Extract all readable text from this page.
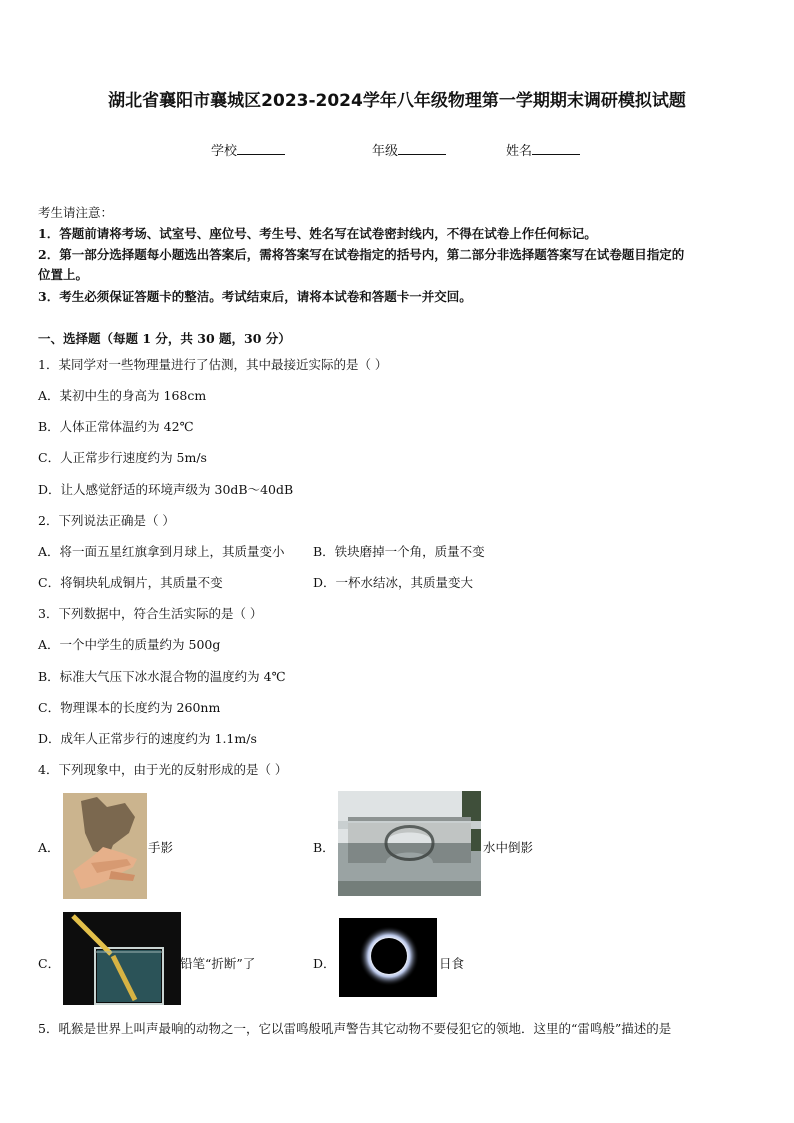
湖北省襄阳市襄城区2023-2024学年八年级物理第一学期期末调研模拟试题
学校	年级	姓名
考生请注意：
1．答题前请将考场、试室号、座位号、考生号、姓名写在试卷密封线内，不得在试卷上作任何标记。
2．第一部分选择题每小题选出答案后，需将答案写在试卷指定的括号内，第二部分非选择题答案写在试卷题目指定的
位置上。
3．考生必须保证答题卡的整洁。考试结束后，请将本试卷和答题卡一并交回。
一、选择题（每题 1 分，共 30 题，30 分）
1．某同学对一些物理量进行了估测，其中最接近实际的是（ ）
A．某初中生的身高为 168cm
B．人体正常体温约为 42℃
C．人正常步行速度约为 5m/s
D．让人感觉舒适的环境声级为 30dB～40dB
2．下列说法正确是（ ）
A．将一面五星红旗拿到月球上，其质量变小 B．铁块磨掉一个角，质量不变
C．将铜块轧成铜片，其质量不变	D．一杯水结冰，其质量变大
3．下列数据中，符合生活实际的是（ ）
A．一个中学生的质量约为 500g
B．标准大气压下冰水混合物的温度约为 4℃
C．物理课本的长度约为 260nm
D．成年人正常步行的速度约为 1.1m/s
4．下列现象中，由于光的反射形成的是（ ）
A．	手影	B．	水中倒影
C．	铅笔“折断”了	D．	日食
5．吼猴是世界上叫声最响的动物之一，它以雷鸣般吼声警告其它动物不要侵犯它的领地．这里的“雷鸣般”描述的是
